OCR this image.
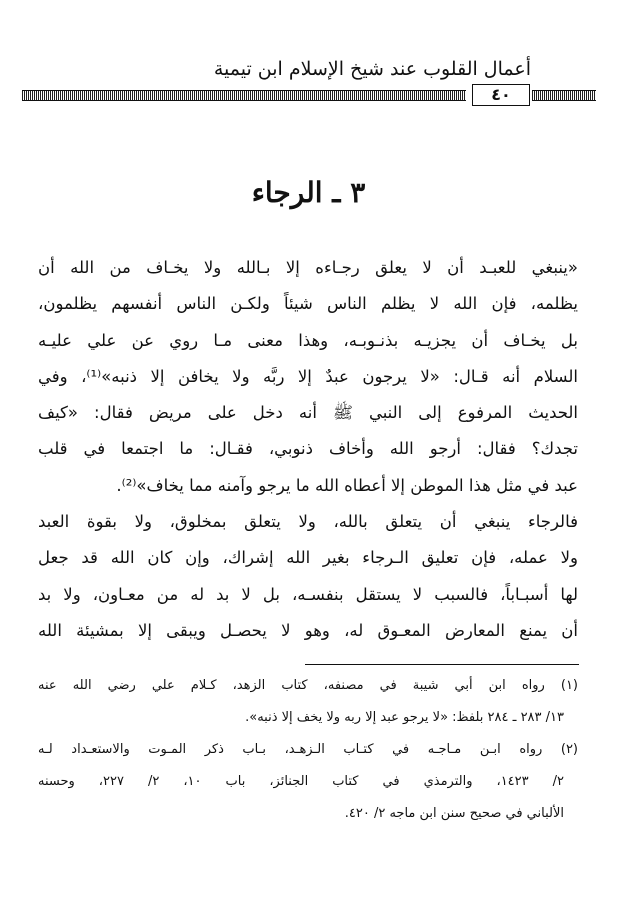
أعمال القلوب عند شيخ الإسلام ابن تيمية
٤٠
٣ ـ الرجاء
«ينبغي للعبـد أن لا يعلق رجـاءه إلا بـالله ولا يخـاف من الله أن
يظلمه، فإن الله لا يظلم الناس شيئاً ولكـن الناس أنفسهم يظلمون،
بل يخـاف أن يجزيـه بذنـوبـه، وهذا معنى مـا روي عن علي عليـه
السلام أنه قـال: «لا يرجون عبدٌ إلا ربَّه ولا يخافن إلا ذنبه»⁽¹⁾، وفي
الحديث المرفوع إلى النبي ﷺ أنه دخل على مريض فقال: «كيف
تجدك؟ فقال: أرجو الله وأخاف ذنوبي، فقـال: ما اجتمعا في قلب
عبد في مثل هذا الموطن إلا أعطاه الله ما يرجو وآمنه مما يخاف»⁽²⁾.
فالرجاء ينبغي أن يتعلق بالله، ولا يتعلق بمخلوق، ولا بقوة العبد
ولا عمله، فإن تعليق الـرجاء بغير الله إشراك، وإن كان الله قد جعل
لها أسبـاباً، فالسبب لا يستقل بنفسـه، بل لا بد له من معـاون، ولا بد
أن يمنع المعارض المعـوق له، وهو لا يحصـل ويبقى إلا بمشيئة الله
(١) رواه ابن أبي شيبة في مصنفه، كتاب الزهد، كـلام علي رضي الله عنه
١٣/ ٢٨٣ ـ ٢٨٤ بلفظ: «لا يرجو عبد إلا ربه ولا يخف إلا ذنبه».
(٢) رواه ابـن مـاجـه في كتـاب الـزهـد، بـاب ذكر المـوت والاستعـداد لـه
٢/ ١٤٢٣، والترمذي في كتاب الجنائز، باب ١٠، ٢/ ٢٢٧، وحسنه
الألباني في صحيح سنن ابن ماجه ٢/ ٤٢٠.
